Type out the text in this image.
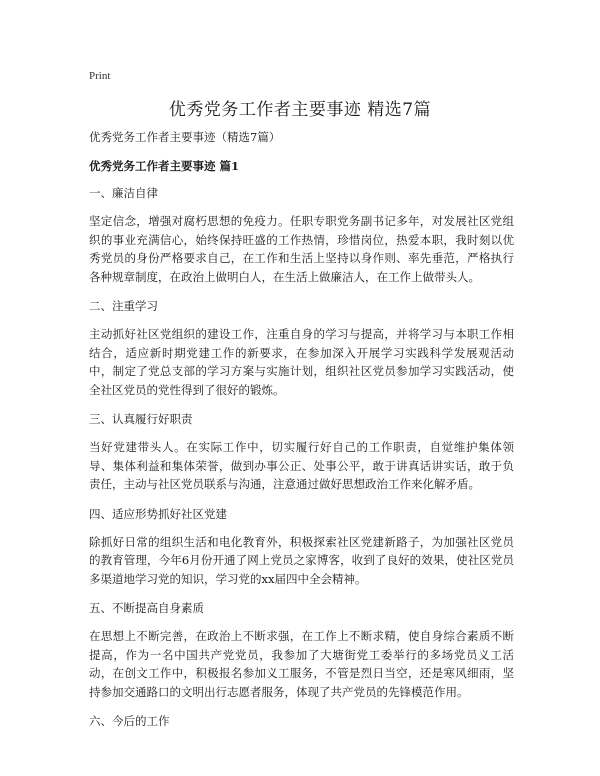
Print
优秀党务工作者主要事迹 精选7篇

优秀党务工作者主要事迹（精选7篇）

优秀党务工作者主要事迹 篇1

一、廉洁自律

坚定信念，增强对腐朽思想的免疫力。任职专职党务副书记多年，对发展社区党组织的事业充满信心，始终保持旺盛的工作热情，珍惜岗位，热爱本职，我时刻以优秀党员的身份严格要求自己，在工作和生活上坚持以身作则、率先垂范，严格执行各种规章制度，在政治上做明白人，在生活上做廉洁人，在工作上做带头人。

二、注重学习

主动抓好社区党组织的建设工作，注重自身的学习与提高，并将学习与本职工作相结合，适应新时期党建工作的新要求，在参加深入开展学习实践科学发展观活动中，制定了党总支部的学习方案与实施计划，组织社区党员参加学习实践活动，使全社区党员的党性得到了很好的锻炼。

三、认真履行好职责

当好党建带头人。在实际工作中，切实履行好自己的工作职责，自觉维护集体领导、集体利益和集体荣誉，做到办事公正、处事公平，敢于讲真话讲实话，敢于负责任，主动与社区党员联系与沟通，注意通过做好思想政治工作来化解矛盾。

四、适应形势抓好社区党建

除抓好日常的组织生活和电化教育外，积极探索社区党建新路子，为加强社区党员的教育管理，今年6月份开通了网上党员之家博客，收到了良好的效果，使社区党员多渠道地学习党的知识，学习党的xx届四中全会精神。

五、不断提高自身素质

在思想上不断完善，在政治上不断求强，在工作上不断求精，使自身综合素质不断提高，作为一名中国共产党党员，我参加了大塘街党工委举行的多场党员义工活动，在创文工作中，积极报名参加义工服务，不管是烈日当空，还是寒风细雨，坚持参加交通路口的文明出行志愿者服务，体现了共产党员的先锋模范作用。

六、今后的工作
